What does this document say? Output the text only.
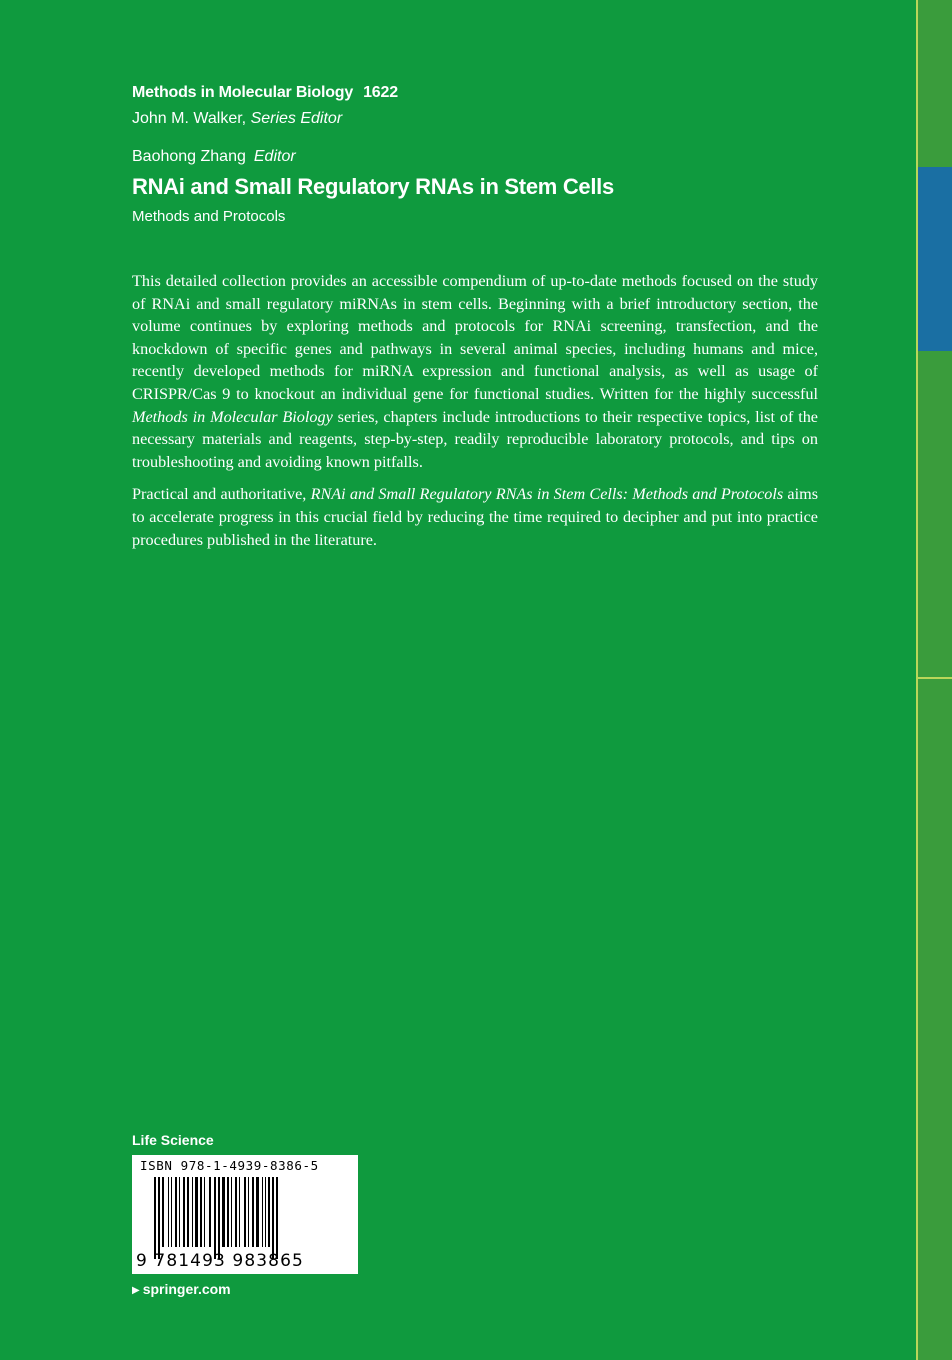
Methods in Molecular Biology 1622
John M. Walker, Series Editor
Baohong Zhang Editor
RNAi and Small Regulatory RNAs in Stem Cells
Methods and Protocols

This detailed collection provides an accessible compendium of up-to-date methods focused on the study of RNAi and small regulatory miRNAs in stem cells. Beginning with a brief introductory section, the volume continues by exploring methods and protocols for RNAi screening, transfection, and the knockdown of specific genes and pathways in several animal species, including humans and mice, recently developed methods for miRNA expression and functional analysis, as well as usage of CRISPR/Cas 9 to knockout an individual gene for functional studies. Written for the highly successful Methods in Molecular Biology series, chapters include introductions to their respective topics, list of the necessary materials and reagents, step-by-step, readily reproducible laboratory protocols, and tips on troubleshooting and avoiding known pitfalls.

Practical and authoritative, RNAi and Small Regulatory RNAs in Stem Cells: Methods and Protocols aims to accelerate progress in this crucial field by reducing the time required to decipher and put into practice procedures published in the literature.

Life Science
ISBN 978-1-4939-8386-5
9 781493 983865
▶ springer.com
